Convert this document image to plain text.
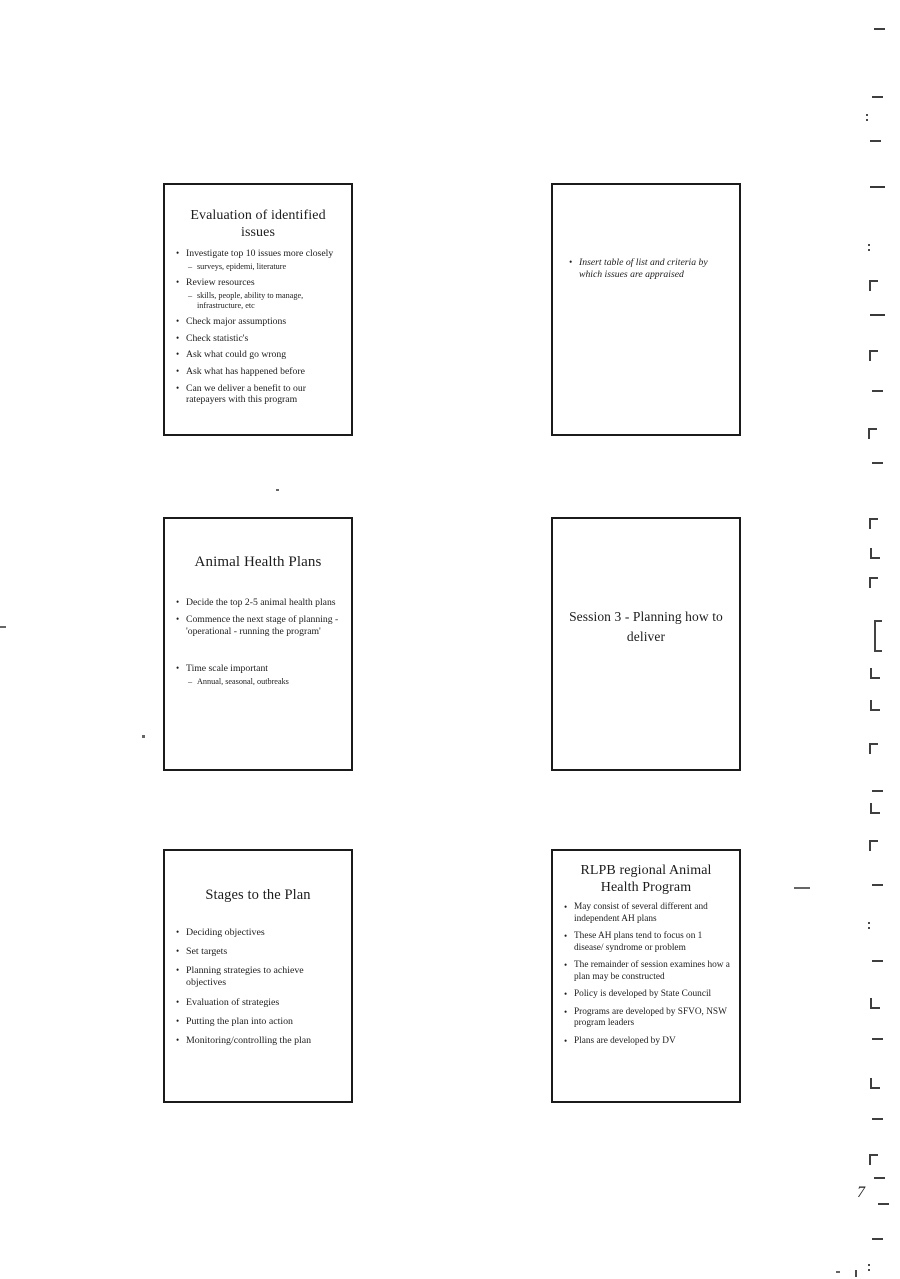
Evaluation of identified issues
• Investigate top 10 issues more closely
– surveys, epidemi, literature
• Review resources
– skills, people, ability to manage, infrastructure, etc
• Check major assumptions
• Check statistic's
• Ask what could go wrong
• Ask what has happened before
• Can we deliver a benefit to our ratepayers with this program
• Insert table of list and criteria by which issues are appraised
Animal Health Plans
• Decide the top 2-5 animal health plans
• Commence the next stage of planning - 'operational - running the program'
• Time scale important
– Annual, seasonal, outbreaks
Session 3 - Planning how to deliver
Stages to the Plan
• Deciding objectives
• Set targets
• Planning strategies to achieve objectives
• Evaluation of strategies
• Putting the plan into action
• Monitoring/controlling the plan
RLPB regional Animal Health Program
• May consist of several different and independent AH plans
• These AH plans tend to focus on 1 disease/ syndrome or problem
• The remainder of session examines how a plan may be constructed
• Policy is developed by State Council
• Programs are developed by SFVO, NSW program leaders
• Plans are developed by DV
7
